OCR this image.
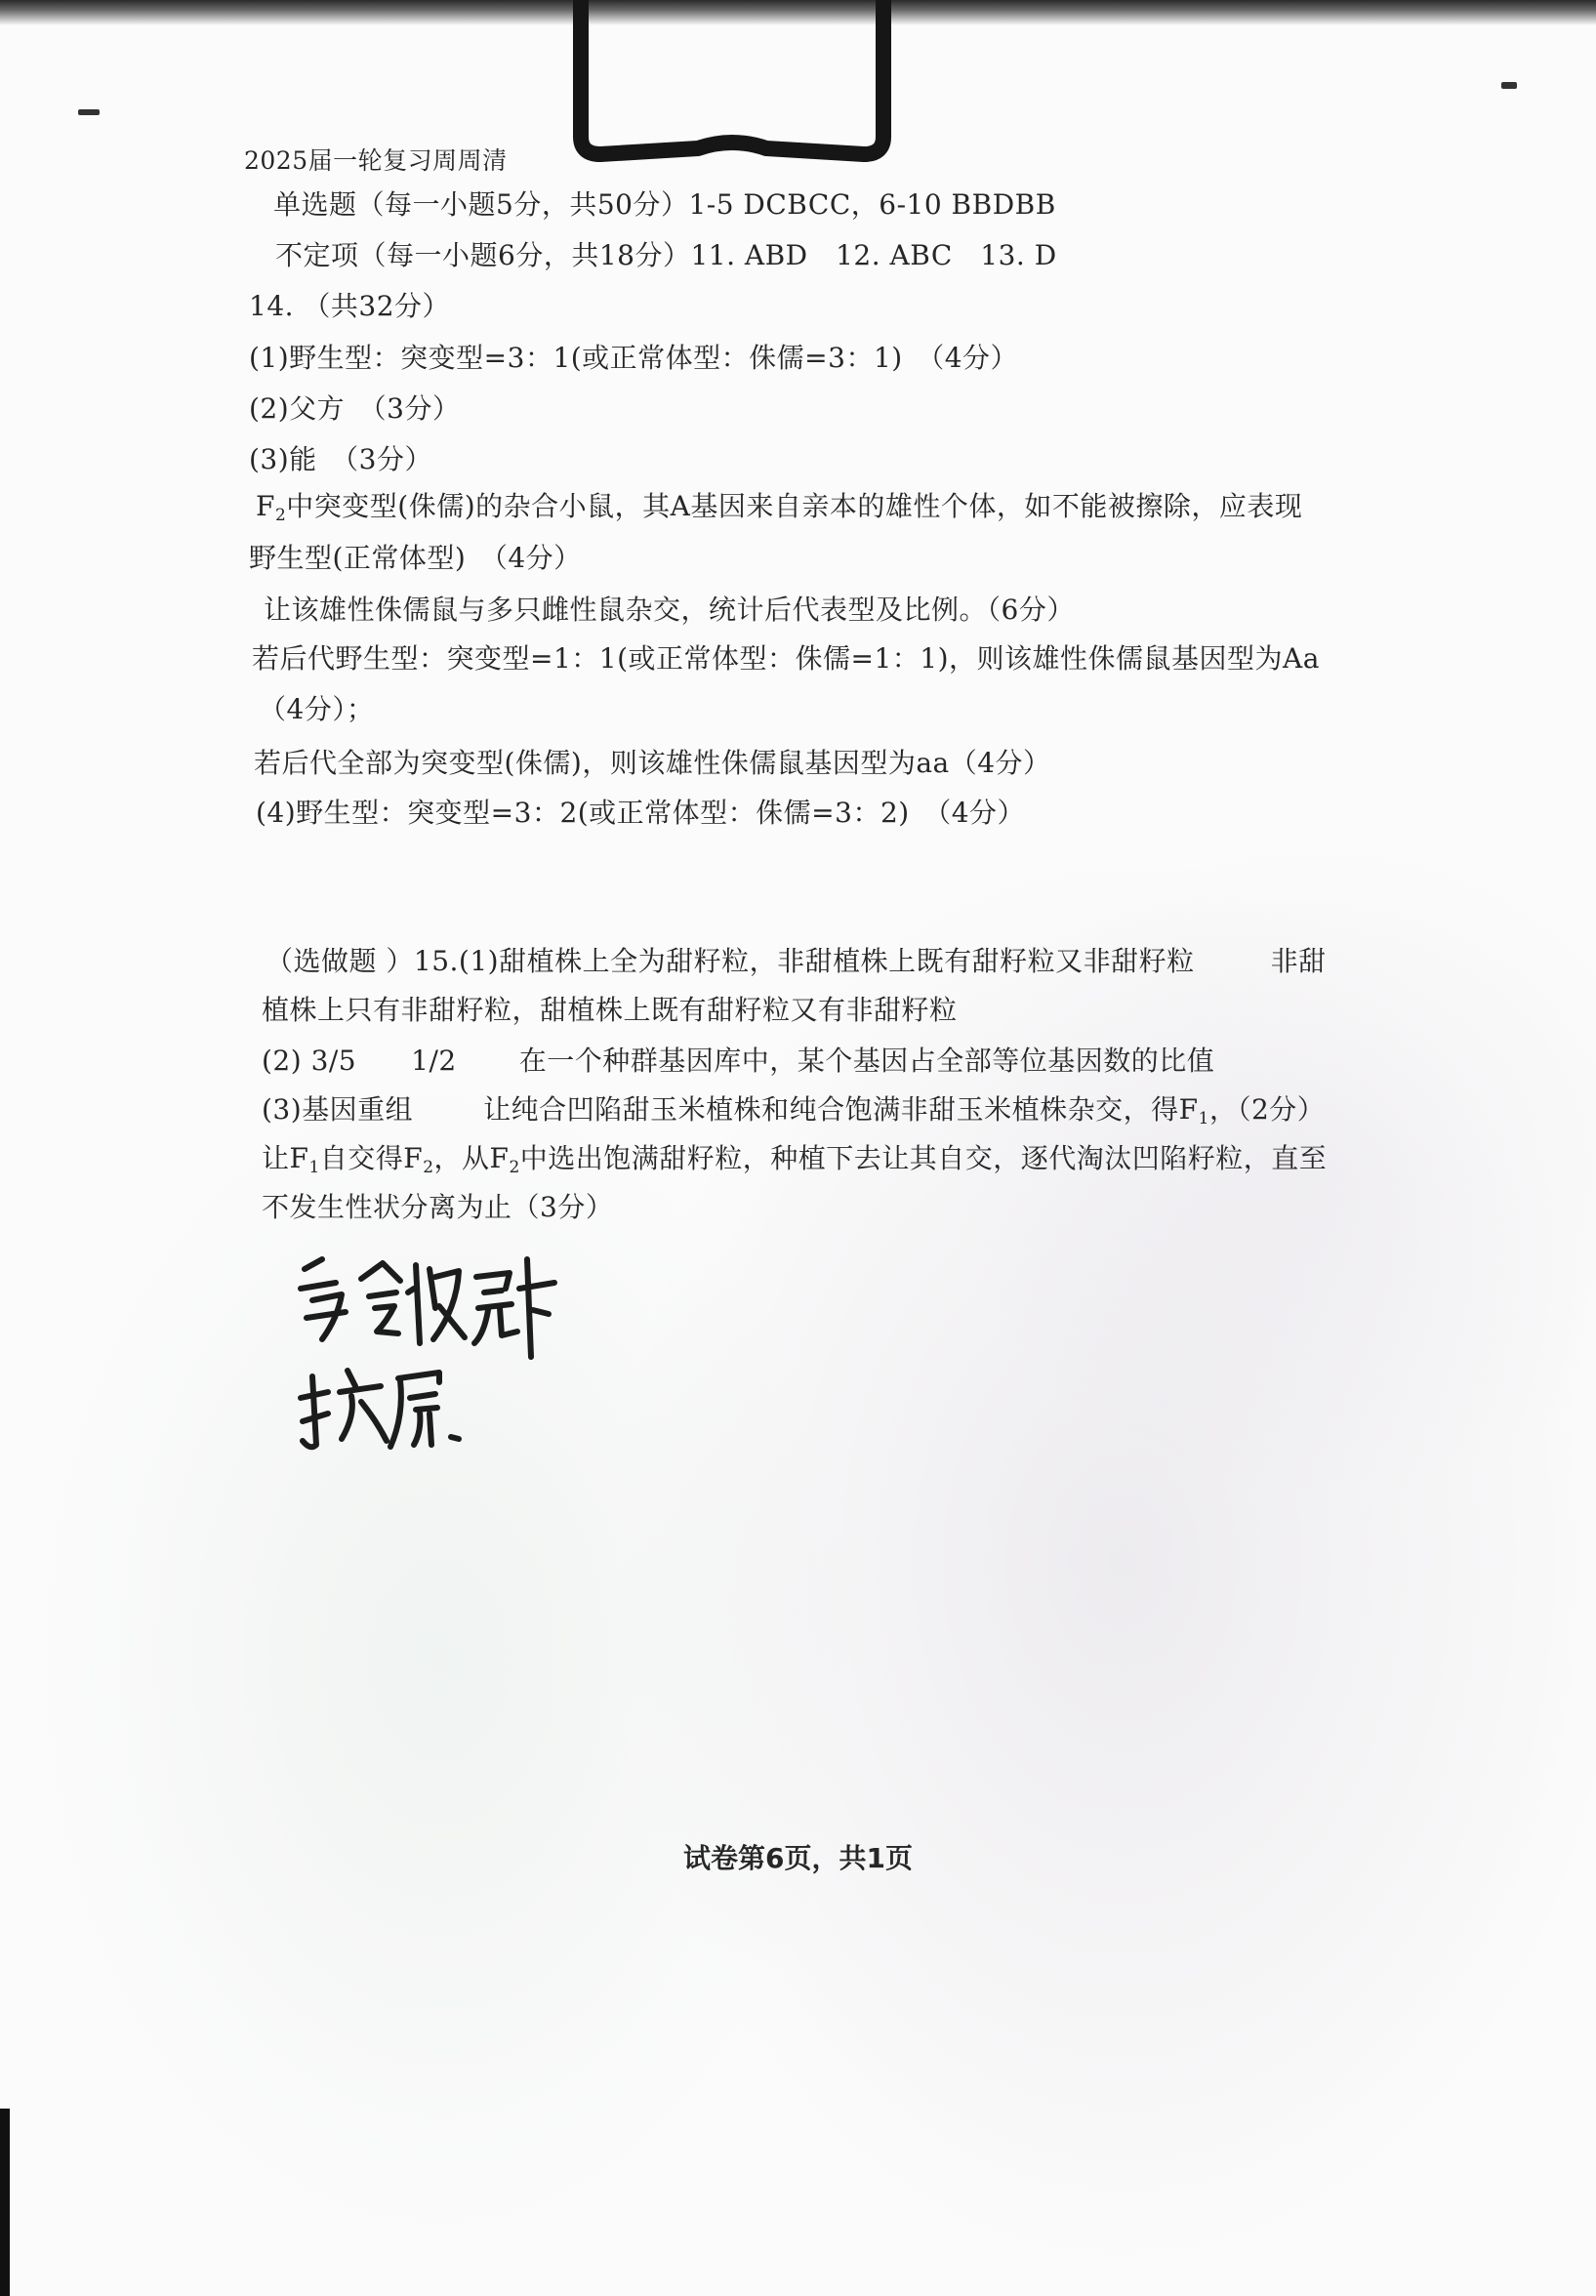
2025届一轮复习周周清
单选题（每一小题5分，共50分）1-5 DCBCC，6-10 BBDBB
不定项（每一小题6分，共18分）11. ABD　12. ABC　13. D
14. （共32分）
(1)野生型：突变型=3：1(或正常体型：侏儒=3：1)　（4分）
(2)父方　（3分）
(3)能　（3分）
$F_2$中突变型(侏儒)的杂合小鼠，其A基因来自亲本的雄性个体，如不能被擦除，应表现
野生型(正常体型)　（4分）
让该雄性侏儒鼠与多只雌性鼠杂交，统计后代表型及比例。（6分）
若后代野生型：突变型=1：1(或正常体型：侏儒=1：1)，则该雄性侏儒鼠基因型为Aa
（4分）；
若后代全部为突变型(侏儒)，则该雄性侏儒鼠基因型为aa（4分）
(4)野生型：突变型=3：2(或正常体型：侏儒=3：2)　（4分）
（选做题 ）15.(1)甜植株上全为甜籽粒，非甜植株上既有甜籽粒又非甜籽粒	非甜
植株上只有非甜籽粒，甜植株上既有甜籽粒又有非甜籽粒
(2) 3/5 1/2 在一个种群基因库中，某个基因占全部等位基因数的比值
(3)基因重组	让纯合凹陷甜玉米植株和纯合饱满非甜玉米植株杂交，得$F_1$，（2分）
让$F_1$自交得$F_2$，从$F_2$中选出饱满甜籽粒，种植下去让其自交，逐代淘汰凹陷籽粒，直至
不发生性状分离为止（3分）
试卷第6页，共1页
